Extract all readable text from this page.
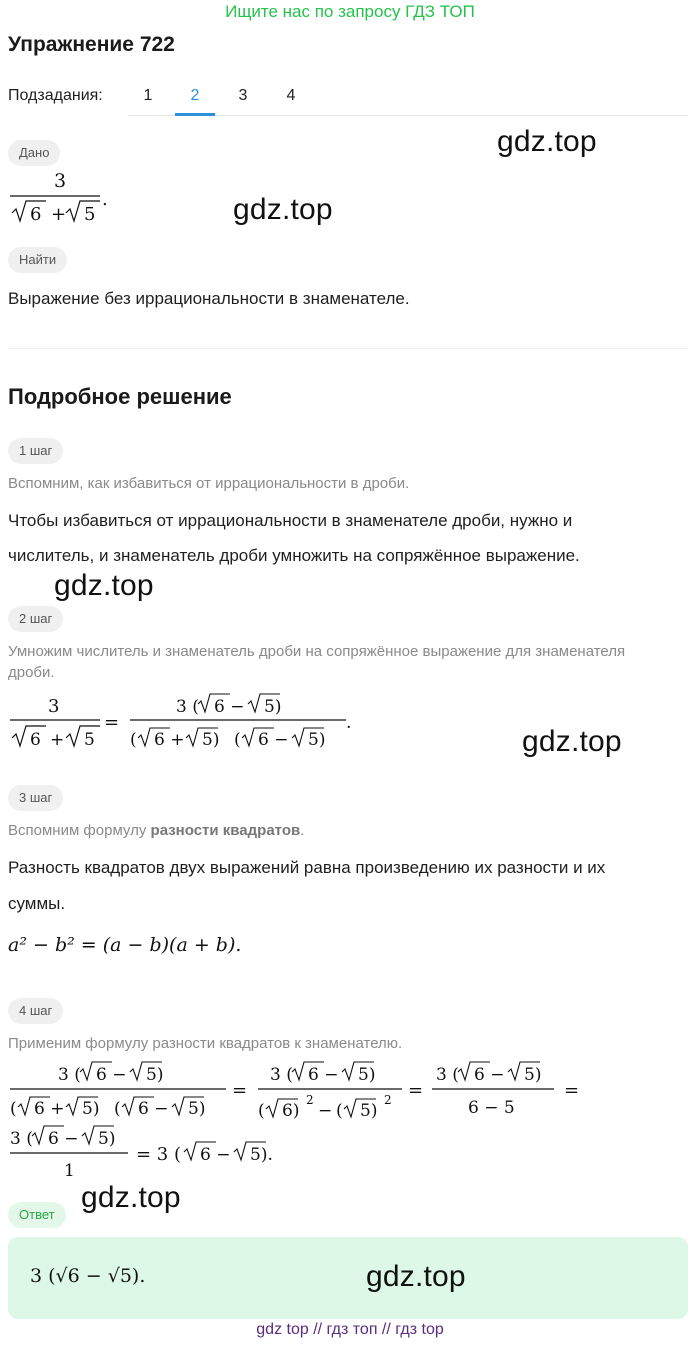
Ищите нас по запросу ГДЗ ТОП
Упражнение 722
Подзадания:	1	2	3	4
gdz.top
gdz.top
gdz.top
gdz.top
gdz.top
Дано
3
6 + 5
.
Найти
Выражение без иррациональности в знаменателе.
Подробное решение
1 шаг
Вспомним, как избавиться от иррациональности в дроби.
Чтобы избавиться от иррациональности в знаменателе дроби, нужно и
числитель, и знаменатель дроби умножить на сопряжённое выражение.
2 шаг
Умножим числитель и знаменатель дроби на сопряжённое выражение для знаменателя
дроби.
3
6 + 5
=
3 ( 6 − 5)
( 6 + 5) ( 6 − 5)
.
3 шаг
Вспомним формулу разности квадратов.
Разность квадратов двух выражений равна произведению их разности и их
суммы.
a² − b² = (a − b)(a + b).
4 шаг
Применим формулу разности квадратов к знаменателю.
3 ( 6 − 5)
( 6 + 5) ( 6 − 5)
=
3 ( 6 − 5)
( 6)
2
− ( 5)
2 =
3 ( 6 − 5)
6 − 5
=
3 ( 6 − 5)
1
= 3 ( 6 − 5).
Ответ
3 (√6 − √5).	gdz.top
gdz top // гдз топ // гдз top
